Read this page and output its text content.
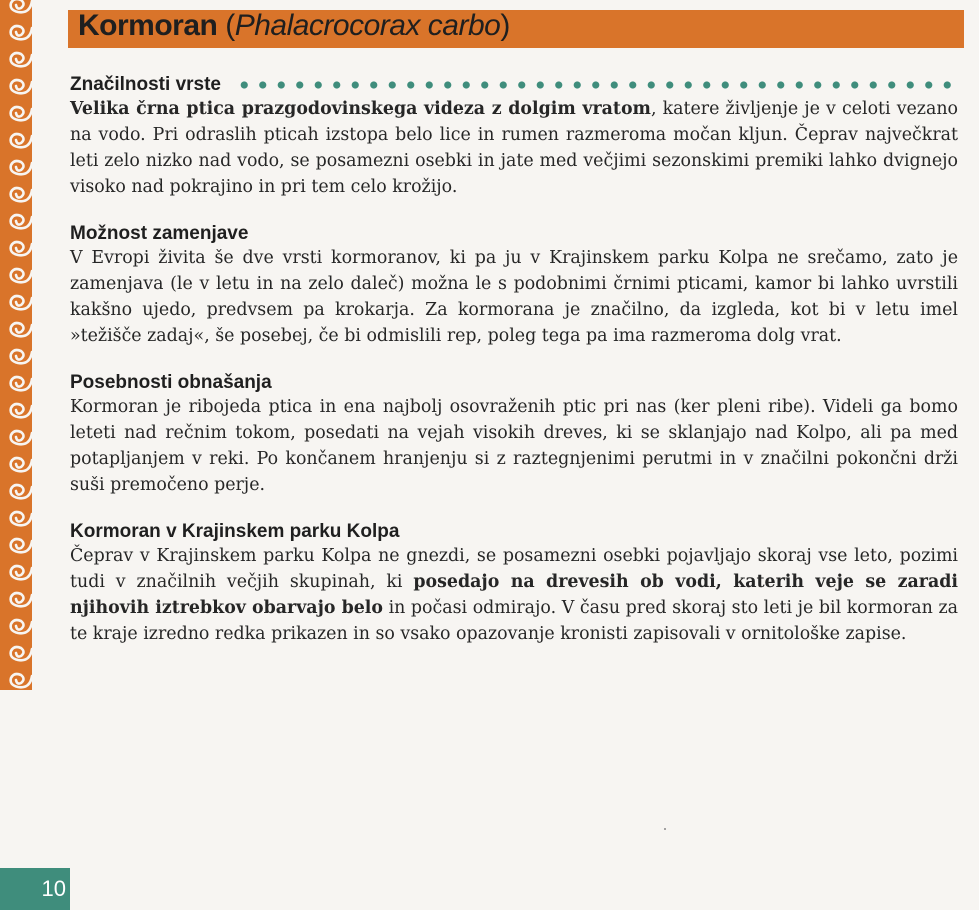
Kormoran (Phalacrocorax carbo)
Značilnosti vrste
Velika črna ptica prazgodovinskega videza z dolgim vratom, katere življenje je v celoti vezano na vodo. Pri odraslih pticah izstopa belo lice in rumen razmeroma močan kljun. Čeprav največkrat leti zelo nizko nad vodo, se posamezni osebki in jate med večjimi sezonskimi premiki lahko dvignejo visoko nad pokrajino in pri tem celo krožijo.
Možnost zamenjave
V Evropi živita še dve vrsti kormoranov, ki pa ju v Krajinskem parku Kolpa ne srečamo, zato je zamenjava (le v letu in na zelo daleč) možna le s podobnimi črnimi pticami, kamor bi lahko uvrstili kakšno ujedo, predvsem pa krokarja. Za kormorana je značilno, da izgleda, kot bi v letu imel »težišče zadaj«, še posebej, če bi odmislili rep, poleg tega pa ima razmeroma dolg vrat.
Posebnosti obnašanja
Kormoran je ribojeda ptica in ena najbolj osovraženih ptic pri nas (ker pleni ribe). Videli ga bomo leteti nad rečnim tokom, posedati na vejah visokih dreves, ki se sklanjajo nad Kolpo, ali pa med potapljanjem v reki. Po končanem hranjenju si z raztegnjenimi perutmi in v značilni pokončni drži suši premočeno perje.
Kormoran v Krajinskem parku Kolpa
Čeprav v Krajinskem parku Kolpa ne gnezdi, se posamezni osebki pojavljajo skoraj vse leto, pozimi tudi v značilnih večjih skupinah, ki posedajo na drevesih ob vodi, katerih veje se zaradi njihovih iztrebkov obarvajo belo in počasi odmirajo. V času pred skoraj sto leti je bil kormoran za te kraje izredno redka prikazen in so vsako opazovanje kronisti zapisovali v ornitološke zapise.
10
